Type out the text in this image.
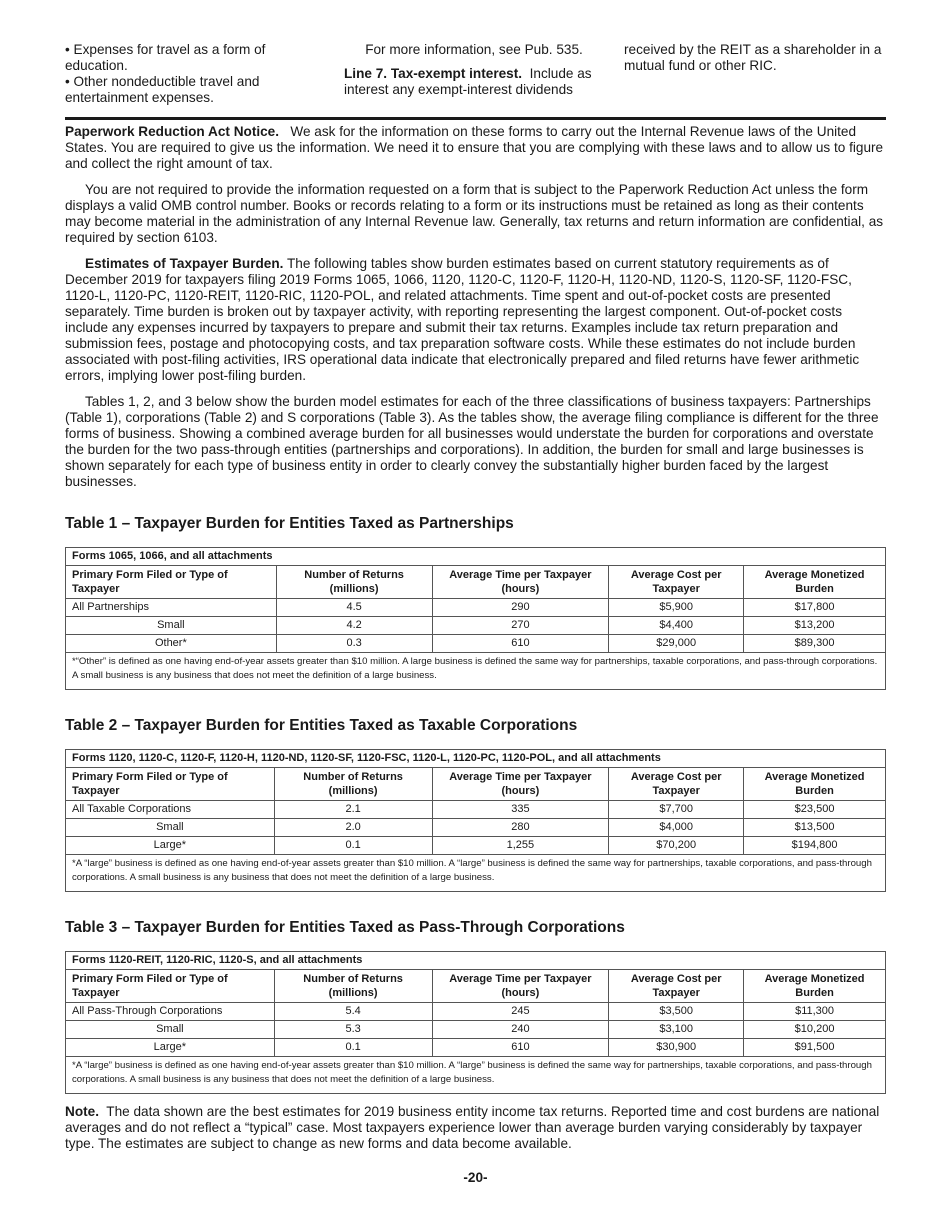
• Expenses for travel as a form of education.
• Other nondeductible travel and entertainment expenses.
For more information, see Pub. 535.
Line 7. Tax-exempt interest. Include as interest any exempt-interest dividends
received by the REIT as a shareholder in a mutual fund or other RIC.

Paperwork Reduction Act Notice. We ask for the information on these forms to carry out the Internal Revenue laws of the United States. You are required to give us the information. We need it to ensure that you are complying with these laws and to allow us to figure and collect the right amount of tax.

You are not required to provide the information requested on a form that is subject to the Paperwork Reduction Act unless the form displays a valid OMB control number. Books or records relating to a form or its instructions must be retained as long as their contents may become material in the administration of any Internal Revenue law. Generally, tax returns and return information are confidential, as required by section 6103.

Estimates of Taxpayer Burden. The following tables show burden estimates based on current statutory requirements as of December 2019 for taxpayers filing 2019 Forms 1065, 1066, 1120, 1120-C, 1120-F, 1120-H, 1120-ND, 1120-S, 1120-SF, 1120-FSC, 1120-L, 1120-PC, 1120-REIT, 1120-RIC, 1120-POL, and related attachments. Time spent and out-of-pocket costs are presented separately. Time burden is broken out by taxpayer activity, with reporting representing the largest component. Out-of-pocket costs include any expenses incurred by taxpayers to prepare and submit their tax returns. Examples include tax return preparation and submission fees, postage and photocopying costs, and tax preparation software costs. While these estimates do not include burden associated with post-filing activities, IRS operational data indicate that electronically prepared and filed returns have fewer arithmetic errors, implying lower post-filing burden.

Tables 1, 2, and 3 below show the burden model estimates for each of the three classifications of business taxpayers: Partnerships (Table 1), corporations (Table 2) and S corporations (Table 3). As the tables show, the average filing compliance is different for the three forms of business. Showing a combined average burden for all businesses would understate the burden for corporations and overstate the burden for the two pass-through entities (partnerships and corporations). In addition, the burden for small and large businesses is shown separately for each type of business entity in order to clearly convey the substantially higher burden faced by the largest businesses.

Table 1 – Taxpayer Burden for Entities Taxed as Partnerships
Forms 1065, 1066, and all attachments				
Primary Form Filed or Type of Taxpayer	Number of Returns (millions)	Average Time per Taxpayer (hours)	Average Cost per Taxpayer	Average Monetized Burden
All Partnerships	4.5	290	$5,900	$17,800
Small	4.2	270	$4,400	$13,200
Other*	0.3	610	$29,000	$89,300
*“Other” is defined as one having end-of-year assets greater than $10 million. A large business is defined the same way for partnerships, taxable corporations, and pass-through corporations. A small business is any business that does not meet the definition of a large business.				
Table 2 – Taxpayer Burden for Entities Taxed as Taxable Corporations
Forms 1120, 1120-C, 1120-F, 1120-H, 1120-ND, 1120-SF, 1120-FSC, 1120-L, 1120-PC, 1120-POL, and all attachments				
Primary Form Filed or Type of Taxpayer	Number of Returns (millions)	Average Time per Taxpayer (hours)	Average Cost per Taxpayer	Average Monetized Burden
All Taxable Corporations	2.1	335	$7,700	$23,500
Small	2.0	280	$4,000	$13,500
Large*	0.1	1,255	$70,200	$194,800
*A “large” business is defined as one having end-of-year assets greater than $10 million. A “large” business is defined the same way for partnerships, taxable corporations, and pass-through corporations. A small business is any business that does not meet the definition of a large business.				
Table 3 – Taxpayer Burden for Entities Taxed as Pass-Through Corporations
Forms 1120-REIT, 1120-RIC, 1120-S, and all attachments				
Primary Form Filed or Type of Taxpayer	Number of Returns (millions)	Average Time per Taxpayer (hours)	Average Cost per Taxpayer	Average Monetized Burden
All Pass-Through Corporations	5.4	245	$3,500	$11,300
Small	5.3	240	$3,100	$10,200
Large*	0.1	610	$30,900	$91,500
*A “large” business is defined as one having end-of-year assets greater than $10 million. A “large” business is defined the same way for partnerships, taxable corporations, and pass-through corporations. A small business is any business that does not meet the definition of a large business.				

Note. The data shown are the best estimates for 2019 business entity income tax returns. Reported time and cost burdens are national averages and do not reflect a “typical” case. Most taxpayers experience lower than average burden varying considerably by taxpayer type. The estimates are subject to change as new forms and data become available.

-20-
